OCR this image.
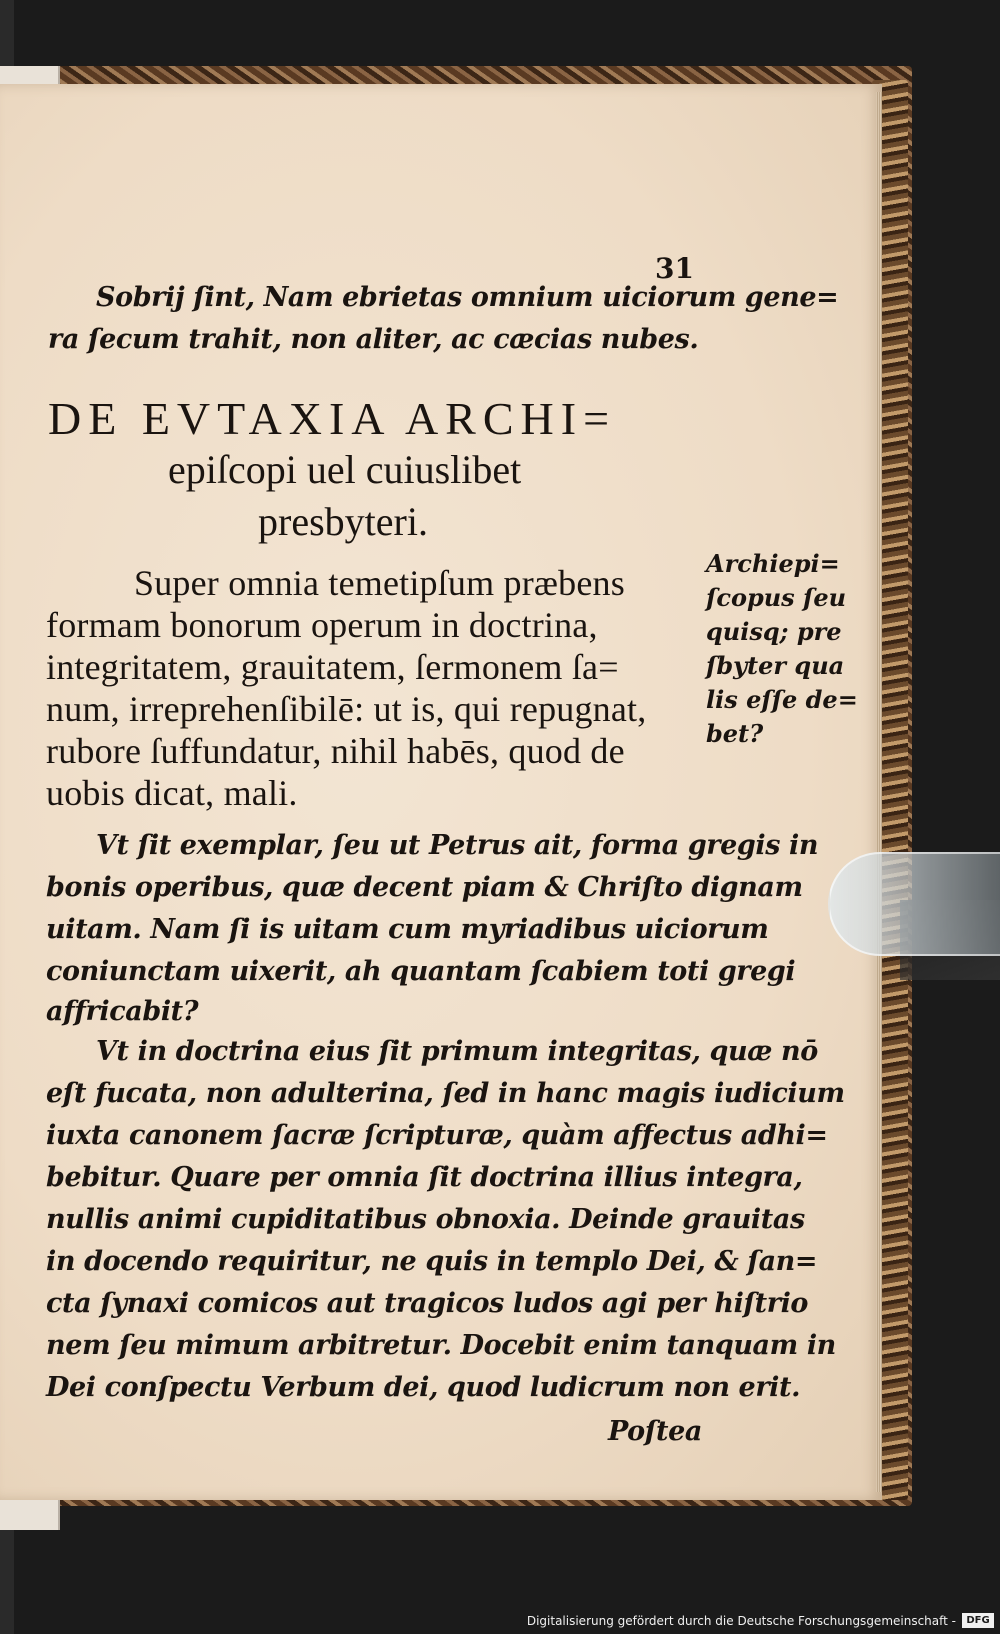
31
Sobrij ſint, Nam ebrietas omnium uiciorum gene=
ra ſecum trahit, non aliter, ac cæcias nubes.
DE EVTAXIA ARCHI=
epiſcopi uel cuiuslibet
presbyteri.
Super omnia temetipſum præbens
formam bonorum operum in doctrina,
integritatem, grauitatem, ſermonem ſa=
num, irreprehenſibilē: ut is, qui repugnat,
rubore ſuffundatur, nihil habēs, quod de
uobis dicat, mali.
Archiepi=
ſcopus ſeu
quisq; pre
ſbyter qua
lis eſſe de=
bet?
Vt ſit exemplar, ſeu ut Petrus ait, forma gregis in
bonis operibus, quæ decent piam & Chriſto dignam
uitam. Nam ſi is uitam cum myriadibus uiciorum
coniunctam uixerit, ah quantam ſcabiem toti gregi
affricabit?
Vt in doctrina eius ſit primum integritas, quæ nō
eſt fucata, non adulterina, ſed in hanc magis iudicium
iuxta canonem ſacræ ſcripturæ, quàm affectus adhi=
bebitur. Quare per omnia ſit doctrina illius integra,
nullis animi cupiditatibus obnoxia. Deinde grauitas
in docendo requiritur, ne quis in templo Dei, & ſan=
cta ſynaxi comicos aut tragicos ludos agi per hiſtrio
nem ſeu mimum arbitretur. Docebit enim tanquam in
Dei conſpectu Verbum dei, quod ludicrum non erit.
Poſtea
Digitalisierung gefördert durch die Deutsche Forschungsgemeinschaft -	DFG
